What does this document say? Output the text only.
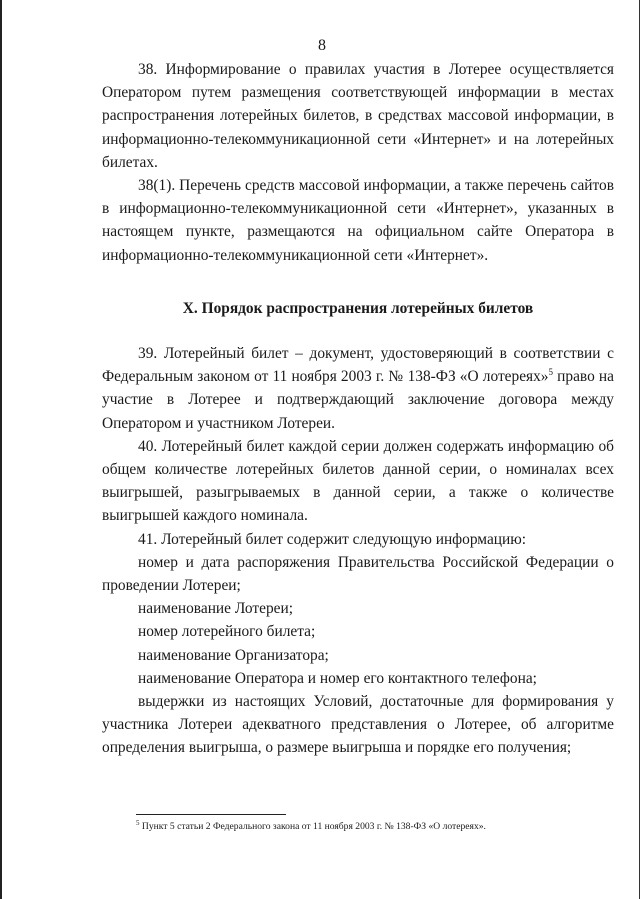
8

38. Информирование о правилах участия в Лотерее осуществляется Оператором путем размещения соответствующей информации в местах распространения лотерейных билетов, в средствах массовой информации, в информационно-телекоммуникационной сети «Интернет» и на лотерейных билетах.

38(1). Перечень средств массовой информации, а также перечень сайтов в информационно-телекоммуникационной сети «Интернет», указанных в настоящем пункте, размещаются на официальном сайте Оператора в информационно-телекоммуникационной сети «Интернет».

X. Порядок распространения лотерейных билетов

39. Лотерейный билет – документ, удостоверяющий в соответствии с Федеральным законом от 11 ноября 2003 г. № 138-ФЗ «О лотереях»$^5$ право на участие в Лотерее и подтверждающий заключение договора между Оператором и участником Лотереи.

40. Лотерейный билет каждой серии должен содержать информацию об общем количестве лотерейных билетов данной серии, о номиналах всех выигрышей, разыгрываемых в данной серии, а также о количестве выигрышей каждого номинала.

41. Лотерейный билет содержит следующую информацию:

номер и дата распоряжения Правительства Российской Федерации о проведении Лотереи;

наименование Лотереи;

номер лотерейного билета;

наименование Организатора;

наименование Оператора и номер его контактного телефона;

выдержки из настоящих Условий, достаточные для формирования у участника Лотереи адекватного представления о Лотерее, об алгоритме определения выигрыша, о размере выигрыша и порядке его получения;

$^5$ Пункт 5 статьи 2 Федерального закона от 11 ноября 2003 г. № 138-ФЗ «О лотереях».
